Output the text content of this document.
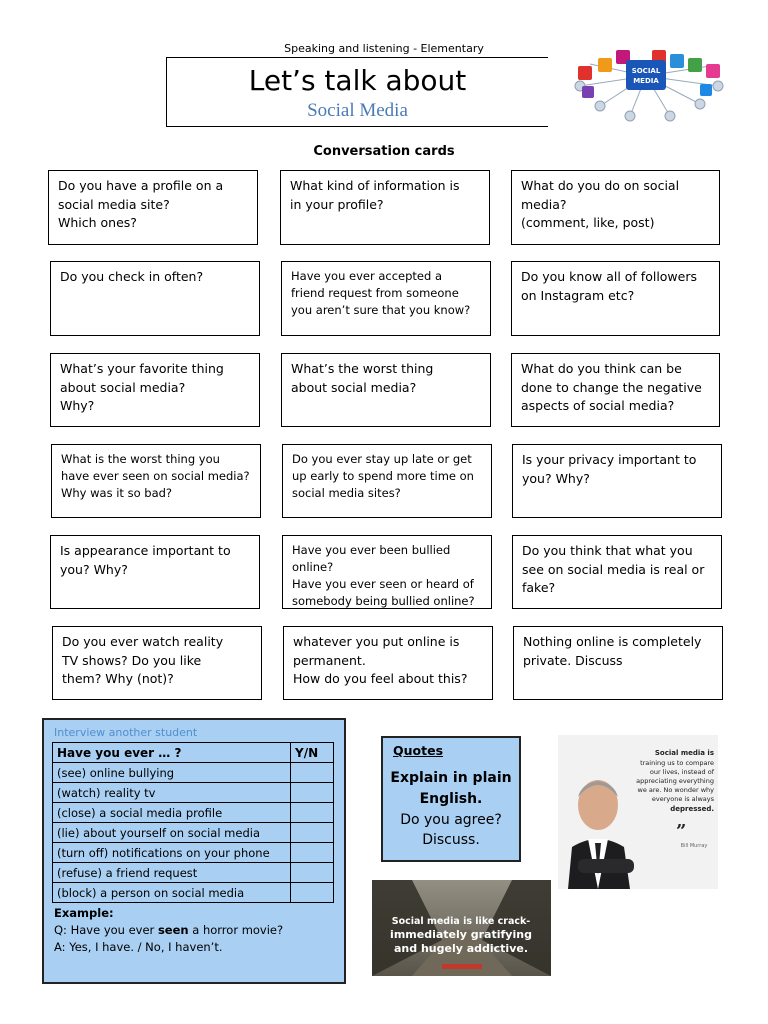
Speaking and listening - Elementary
Let’s talk about
Social Media
SOCIAL
MEDIA
Conversation cards
Do you have a profile on a
social media site?
Which ones?
What kind of information is
in your profile?
What do you do on social
media?
(comment, like, post)
Do you check in often?	Have you ever accepted a
friend request from someone
you aren’t sure that you know?
Do you know all of followers
on Instagram etc?
What’s your favorite thing
about social media?
Why?
What’s the worst thing
about social media?
What do you think can be
done to change the negative
aspects of social media?
What is the worst thing you
have ever seen on social media?
Why was it so bad?
Do you ever stay up late or get
up early to spend more time on
social media sites?
Is your privacy important to
you? Why?
Is appearance important to
you? Why?
Have you ever been bullied
online?
Have you ever seen or heard of
somebody being bullied online?
Do you think that what you
see on social media is real or
fake?
Do you ever watch reality
TV shows? Do you like
them? Why (not)?
whatever you put online is
permanent.
How do you feel about this?
Nothing online is completely
private. Discuss
Interview another student
Have you ever … ?	Y/N
(see) online bullying	
(watch) reality tv	
(close) a social media profile	
(lie) about yourself on social media	
(turn off) notifications on your phone	
(refuse) a friend request	
(block) a person on social media	
Example:
Q: Have you ever seen a horror movie?
A: Yes, I have. / No, I haven’t.
Quotes
Explain in plain
English.
Do you agree?
Discuss.
Social media is
training us to compare
our lives, instead of
appreciating everything
we are. No wonder why
everyone is always
depressed.
”
Bill Murray
Social media is like crack-
immediately gratifying
and hugely addictive.
